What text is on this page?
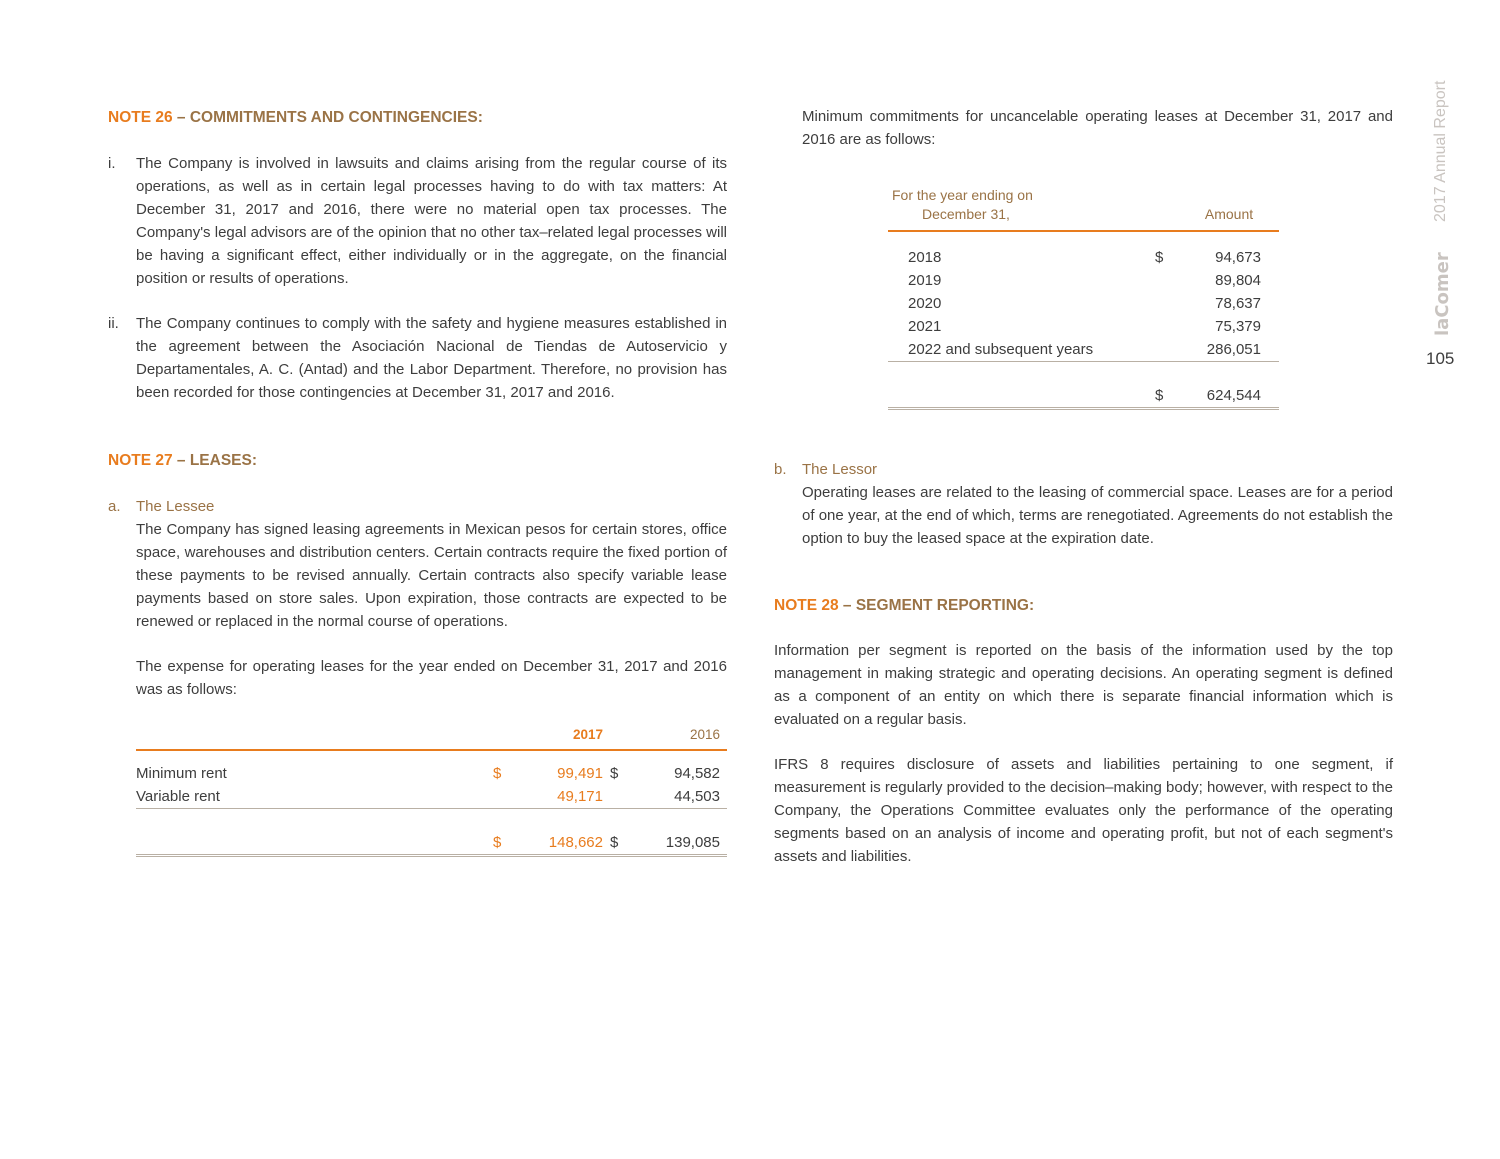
NOTE 26 – COMMITMENTS AND CONTINGENCIES:
i.	The Company is involved in lawsuits and claims arising from the regular course of its operations, as well as in certain legal processes having to do with tax matters: At December 31, 2017 and 2016, there were no material open tax processes. The Company's legal advisors are of the opinion that no other tax–related legal processes will be having a significant effect, either individually or in the aggregate, on the financial position or results of operations.

ii.	The Company continues to comply with the safety and hygiene measures established in the agreement between the Asociación Nacional de Tiendas de Autoservicio y Departamentales, A. C. (Antad) and the Labor Department. Therefore, no provision has been recorded for those contingencies at December 31, 2017 and 2016.

NOTE 27 – LEASES:
a.	The Lessee

The Company has signed leasing agreements in Mexican pesos for certain stores, office space, warehouses and distribution centers. Certain contracts require the fixed portion of these payments to be revised annually. Certain contracts also specify variable lease payments based on store sales. Upon expiration, those contracts are expected to be renewed or replaced in the normal course of operations.

The expense for operating leases for the year ended on December 31, 2017 and 2016 was as follows:

		2017		2016

Minimum rent	$	99,491	$	94,582
Variable rent		49,171		44,503

	$	148,662	$	139,085

Minimum commitments for uncancelable operating leases at December 31, 2017 and 2016 are as follows:

For the year ending on
December 31,		Amount

2018	$	94,673
2019		89,804
2020		78,637
2021		75,379
2022 and subsequent years		286,051

	$	624,544
b.	The Lessor

Operating leases are related to the leasing of commercial space. Leases are for a period of one year, at the end of which, terms are renegotiated. Agreements do not establish the option to buy the leased space at the expiration date.

NOTE 28 – SEGMENT REPORTING:

Information per segment is reported on the basis of the information used by the top management in making strategic and operating decisions. An operating segment is defined as a component of an entity on which there is separate financial information which is evaluated on a regular basis.

IFRS 8 requires disclosure of assets and liabilities pertaining to one segment, if measurement is regularly provided to the decision–making body; however, with respect to the Company, the Operations Committee evaluates only the performance of the operating segments based on an analysis of income and operating profit, but not of each segment's assets and liabilities.

2017 Annual Report
laComer
105
